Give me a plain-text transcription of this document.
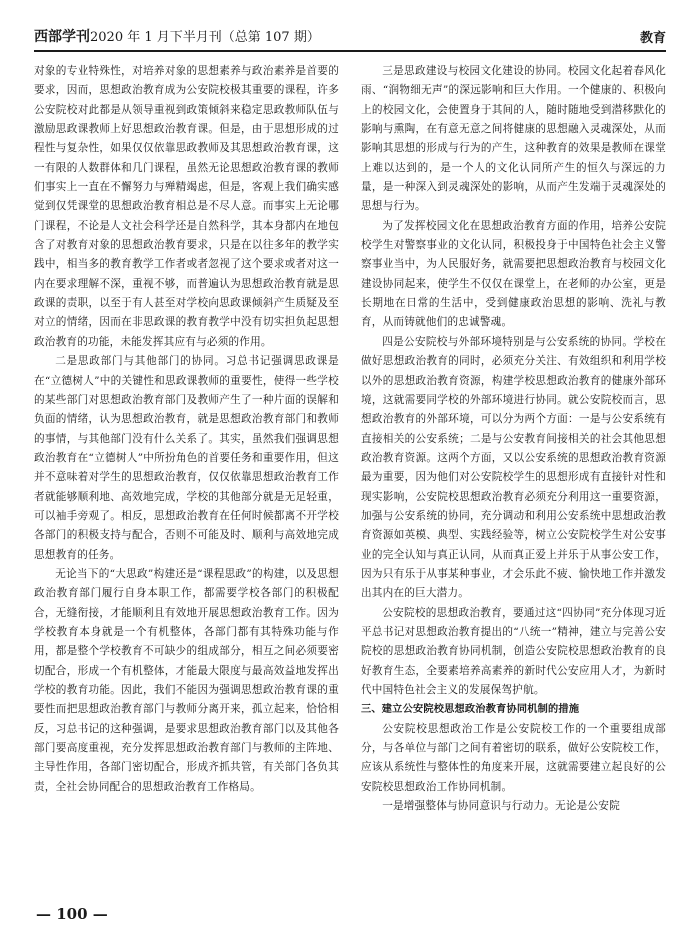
西部学刊2020 年 1 月下半月刊（总第 107 期）	教育

对象的专业特殊性，对培养对象的思想素养与政治素养是首要的要求，因而，思想政治教育成为公安院校极其重要的课程，许多公安院校对此都是从领导重视到政策倾斜来稳定思政教师队伍与激励思政课教师上好思想政治教育课。但是，由于思想形成的过程性与复杂性，如果仅仅依靠思政教师及其思想政治教育课，这一有限的人数群体和几门课程，虽然无论思想政治教育课的教师们事实上一直在不懈努力与殚精竭虑，但是，客观上我们确实感觉到仅凭课堂的思想政治教育相总是不尽人意。而事实上无论哪门课程，不论是人文社会科学还是自然科学，其本身都内在地包含了对教育对象的思想政治教育要求，只是在以往多年的教学实践中，相当多的教育教学工作者或者忽视了这个要求或者对这一内在要求理解不深，重视不够，而普遍认为思想政治教育就是思政课的责职，以至于有人甚至对学校向思政课倾斜产生质疑及至对立的情绪，因而在非思政课的教育教学中没有切实担负起思想政治教育的功能，未能发挥其应有与必须的作用。

二是思政部门与其他部门的协同。习总书记强调思政课是在“立德树人”中的关键性和思政课教师的重要性，使得一些学校的某些部门对思想政治教育部门及教师产生了一种片面的误解和负面的情绪，认为思想政治教育，就是思想政治教育部门和教师的事情，与其他部门没有什么关系了。其实，虽然我们强调思想政治教育在“立德树人”中所扮角色的首要任务和重要作用，但这并不意味着对学生的思想政治教育，仅仅依靠思想政治教育工作者就能够顺利地、高效地完成，学校的其他部分就是无足轻重，可以袖手旁观了。相反，思想政治教育在任何时候都离不开学校各部门的积极支持与配合，否则不可能及时、顺利与高效地完成思想教育的任务。

无论当下的“大思政”构建还是“课程思政”的构建，以及思想政治教育部门履行自身本职工作，都需要学校各部门的积极配合，无缝衔接，才能顺利且有效地开展思想政治教育工作。因为学校教育本身就是一个有机整体，各部门都有其特殊功能与作用，都是整个学校教育不可缺少的组成部分，相互之间必须要密切配合，形成一个有机整体，才能最大限度与最高效益地发挥出学校的教育功能。因此，我们不能因为强调思想政治教育课的重要性而把思想政治教育部门与教师分离开来，孤立起来，恰恰相反，习总书记的这种强调，是要求思想政治教育部门以及其他各部门要高度重视，充分发挥思想政治教育部门与教师的主阵地、主导性作用，各部门密切配合，形成齐抓共管，有关部门各负其责，全社会协同配合的思想政治教育工作格局。

三是思政建设与校园文化建设的协同。校园文化起着春风化雨、“润物细无声”的深远影响和巨大作用。一个健康的、积极向上的校园文化，会使置身于其间的人，随时随地受到潜移默化的影响与熏陶，在有意无意之间将健康的思想融入灵魂深处，从而影响其思想的形成与行为的产生，这种教育的效果是教师在课堂上难以达到的，是一个人的文化认同所产生的恒久与深远的力量，是一种深入到灵魂深处的影响，从而产生发端于灵魂深处的思想与行为。

为了发挥校园文化在思想政治教育方面的作用，培养公安院校学生对警察事业的文化认同，积极投身于中国特色社会主义警察事业当中，为人民服好务，就需要把思想政治教育与校园文化建设协同起来，使学生不仅仅在课堂上，在老师的办公室，更是长期地在日常的生活中，受到健康政治思想的影响、洗礼与教育，从而铸就他们的忠诚警魂。

四是公安院校与外部环境特别是与公安系统的协同。学校在做好思想政治教育的同时，必须充分关注、有效组织和利用学校以外的思想政治教育资源，构建学校思想政治教育的健康外部环境，这就需要同学校的外部环境进行协同。就公安院校而言，思想政治教育的外部环境，可以分为两个方面：一是与公安系统有直接相关的公安系统；二是与公安教育间接相关的社会其他思想政治教育资源。这两个方面，又以公安系统的思想政治教育资源最为重要，因为他们对公安院校学生的思想形成有直接针对性和现实影响，公安院校思想政治教育必须充分利用这一重要资源，加强与公安系统的协同，充分调动和利用公安系统中思想政治教育资源如英模、典型、实践经验等，树立公安院校学生对公安事业的完全认知与真正认同，从而真正爱上并乐于从事公安工作，因为只有乐于从事某种事业，才会乐此不疲、愉快地工作并激发出其内在的巨大潜力。

公安院校的思想政治教育，要通过这“四协同”充分体现习近平总书记对思想政治教育提出的“八统一”精神，建立与完善公安院校的思想政治教育协同机制，创造公安院校思想政治教育的良好教育生态，全要素培养高素养的新时代公安应用人才，为新时代中国特色社会主义的发展保驾护航。

三、建立公安院校思想政治教育协同机制的措施

公安院校思想政治工作是公安院校工作的一个重要组成部分，与各单位与部门之间有着密切的联系，做好公安院校工作，应该从系统性与整体性的角度来开展，这就需要建立起良好的公安院校思想政治工作协同机制。

一是增强整体与协同意识与行动力。无论是公安院

— 100 —
